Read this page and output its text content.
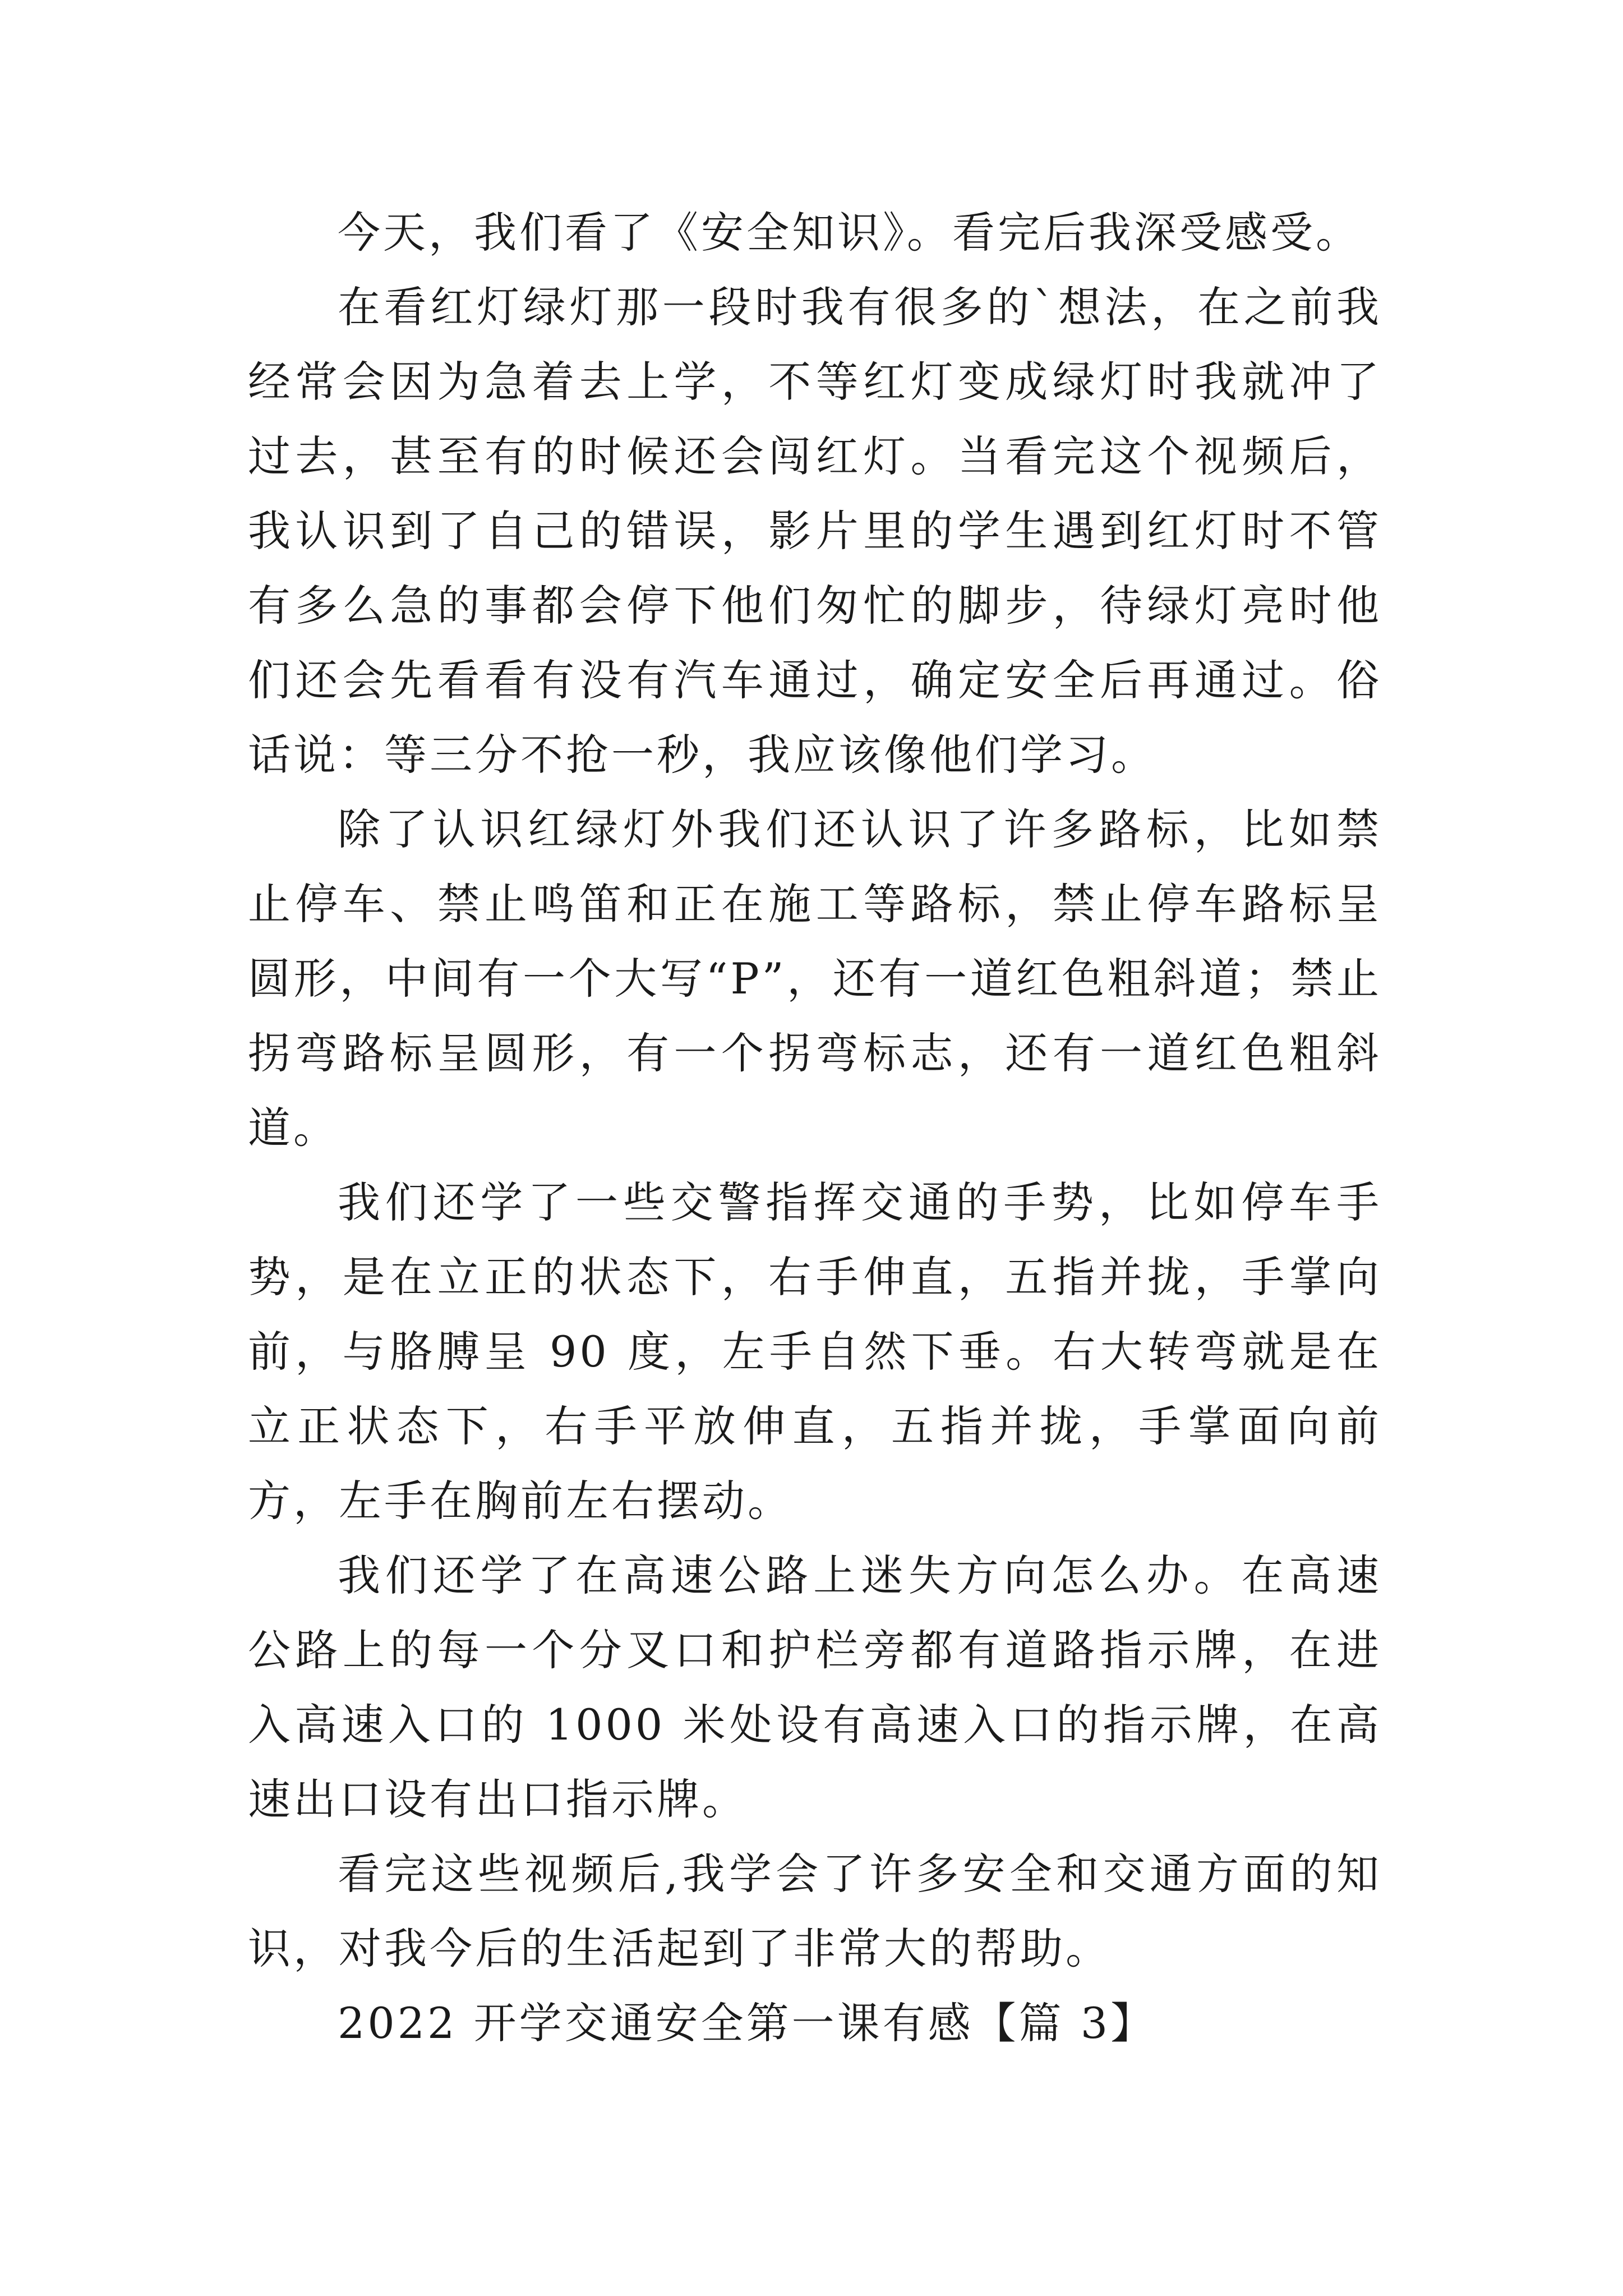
今天，我们看了《安全知识》。看完后我深受感受。

在看红灯绿灯那一段时我有很多的`想法，在之前我经常会因为急着去上学，不等红灯变成绿灯时我就冲了过去，甚至有的时候还会闯红灯。当看完这个视频后，我认识到了自己的错误，影片里的学生遇到红灯时不管有多么急的事都会停下他们匆忙的脚步，待绿灯亮时他们还会先看看有没有汽车通过，确定安全后再通过。俗话说：等三分不抢一秒，我应该像他们学习。

除了认识红绿灯外我们还认识了许多路标，比如禁止停车、禁止鸣笛和正在施工等路标，禁止停车路标呈圆形，中间有一个大写“P”，还有一道红色粗斜道；禁止拐弯路标呈圆形，有一个拐弯标志，还有一道红色粗斜道。

我们还学了一些交警指挥交通的手势，比如停车手势，是在立正的状态下，右手伸直，五指并拢，手掌向前，与胳膊呈 90 度，左手自然下垂。右大转弯就是在立正状态下，右手平放伸直，五指并拢，手掌面向前方，左手在胸前左右摆动。

我们还学了在高速公路上迷失方向怎么办。在高速公路上的每一个分叉口和护栏旁都有道路指示牌，在进入高速入口的 1000 米处设有高速入口的指示牌，在高速出口设有出口指示牌。

看完这些视频后,我学会了许多安全和交通方面的知识，对我今后的生活起到了非常大的帮助。

2022 开学交通安全第一课有感【篇 3】
